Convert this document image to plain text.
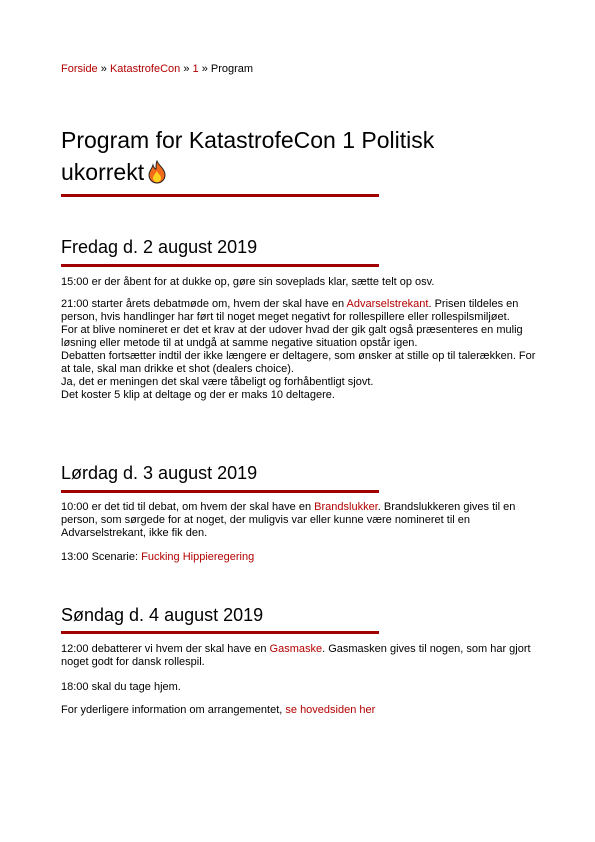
Forside » KatastrofeCon » 1 » Program
Program for KatastrofeCon 1 Politisk ukorrekt
Fredag d. 2 august 2019

15:00 er der åbent for at dukke op, gøre sin soveplads klar, sætte telt op osv.

21:00 starter årets debatmøde om, hvem der skal have en Advarselstrekant. Prisen tildeles en person, hvis handlinger har ført til noget meget negativt for rollespillere eller rollespilsmiljøet.
For at blive nomineret er det et krav at der udover hvad der gik galt også præsenteres en mulig løsning eller metode til at undgå at samme negative situation opstår igen.
Debatten fortsætter indtil der ikke længere er deltagere, som ønsker at stille op til talerækken. For at tale, skal man drikke et shot (dealers choice).
Ja, det er meningen det skal være tåbeligt og forhåbentligt sjovt.
Det koster 5 klip at deltage og der er maks 10 deltagere.
Lørdag d. 3 august 2019
10:00 er det tid til debat, om hvem der skal have en Brandslukker. Brandslukkeren gives til en person, som sørgede for at noget, der muligvis var eller kunne være nomineret til en Advarselstrekant, ikke fik den.
13:00 Scenarie: Fucking Hippieregering
Søndag d. 4 august 2019
12:00 debatterer vi hvem der skal have en Gasmaske. Gasmasken gives til nogen, som har gjort noget godt for dansk rollespil.

18:00 skal du tage hjem.

For yderligere information om arrangementet, se hovedsiden her
